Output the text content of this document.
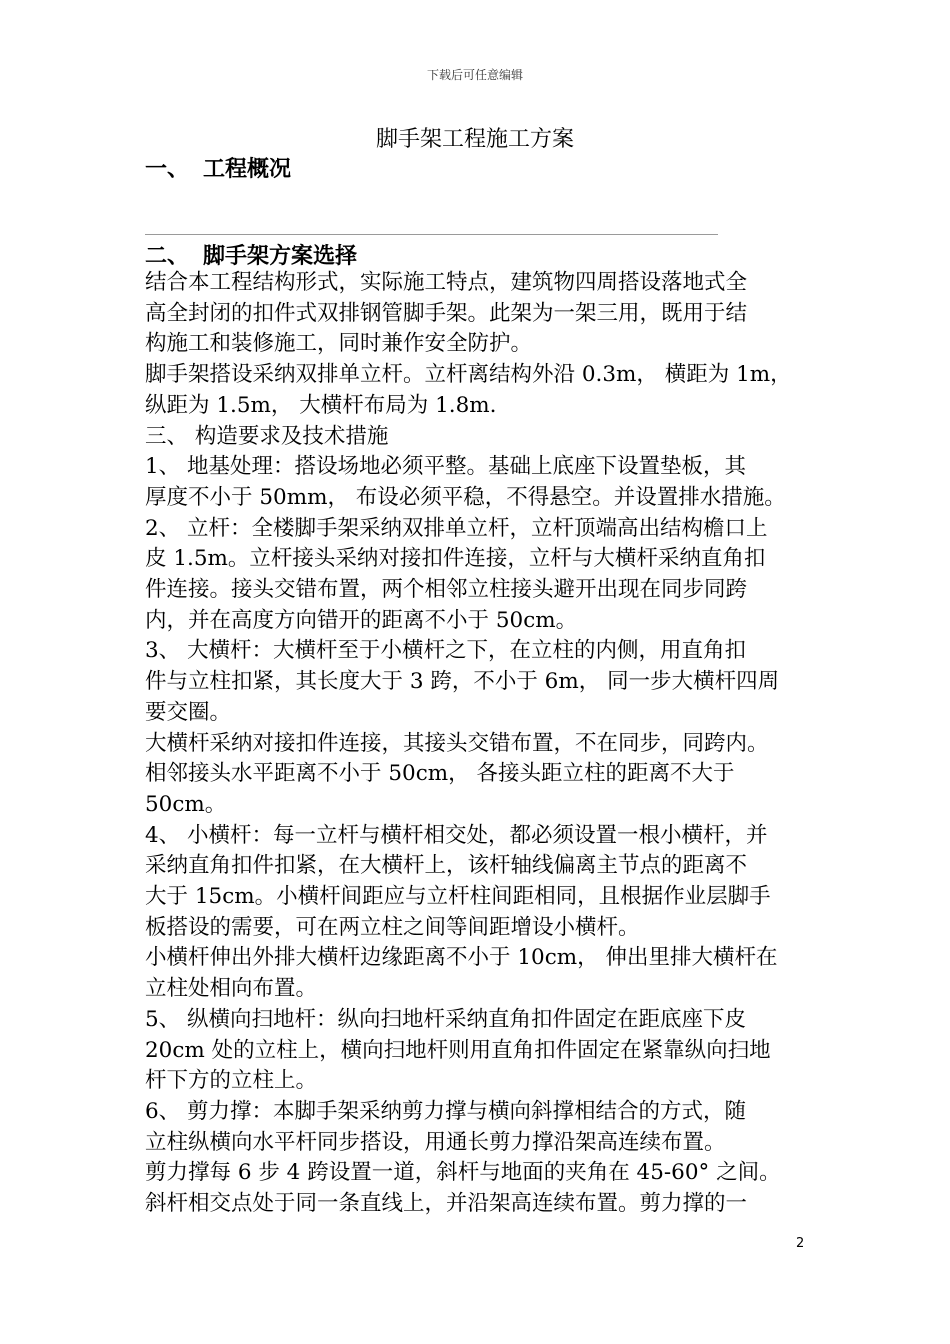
下载后可任意编辑
脚手架工程施工方案
一、 工程概况
二、 脚手架方案选择

结合本工程结构形式，实际施工特点，建筑物四周搭设落地式全

高全封闭的扣件式双排钢管脚手架。此架为一架三用，既用于结

构施工和装修施工，同时兼作安全防护。

脚手架搭设采纳双排单立杆。立杆离结构外沿 0.3m， 横距为 1m，

纵距为 1.5m， 大横杆布局为 1.8m.

三、 构造要求及技术措施

1、 地基处理：搭设场地必须平整。基础上底座下设置垫板，其

厚度不小于 50mm， 布设必须平稳，不得悬空。并设置排水措施。

2、 立杆：全楼脚手架采纳双排单立杆，立杆顶端高出结构檐口上

皮 1.5m。立杆接头采纳对接扣件连接，立杆与大横杆采纳直角扣

件连接。接头交错布置，两个相邻立柱接头避开出现在同步同跨

内，并在高度方向错开的距离不小于 50cm。

3、 大横杆：大横杆至于小横杆之下，在立柱的内侧，用直角扣

件与立柱扣紧，其长度大于 3 跨，不小于 6m， 同一步大横杆四周

要交圈。

大横杆采纳对接扣件连接，其接头交错布置，不在同步，同跨内。

相邻接头水平距离不小于 50cm， 各接头距立柱的距离不大于

50cm。

4、 小横杆：每一立杆与横杆相交处，都必须设置一根小横杆，并

采纳直角扣件扣紧，在大横杆上，该杆轴线偏离主节点的距离不

大于 15cm。小横杆间距应与立杆柱间距相同，且根据作业层脚手

板搭设的需要，可在两立柱之间等间距增设小横杆。

小横杆伸出外排大横杆边缘距离不小于 10cm， 伸出里排大横杆在

立柱处相向布置。

5、 纵横向扫地杆：纵向扫地杆采纳直角扣件固定在距底座下皮

20cm 处的立柱上，横向扫地杆则用直角扣件固定在紧靠纵向扫地

杆下方的立柱上。

6、 剪力撑：本脚手架采纳剪力撑与横向斜撑相结合的方式，随

立柱纵横向水平杆同步搭设，用通长剪力撑沿架高连续布置。

剪力撑每 6 步 4 跨设置一道，斜杆与地面的夹角在 45-60° 之间。

斜杆相交点处于同一条直线上，并沿架高连续布置。剪力撑的一

2
